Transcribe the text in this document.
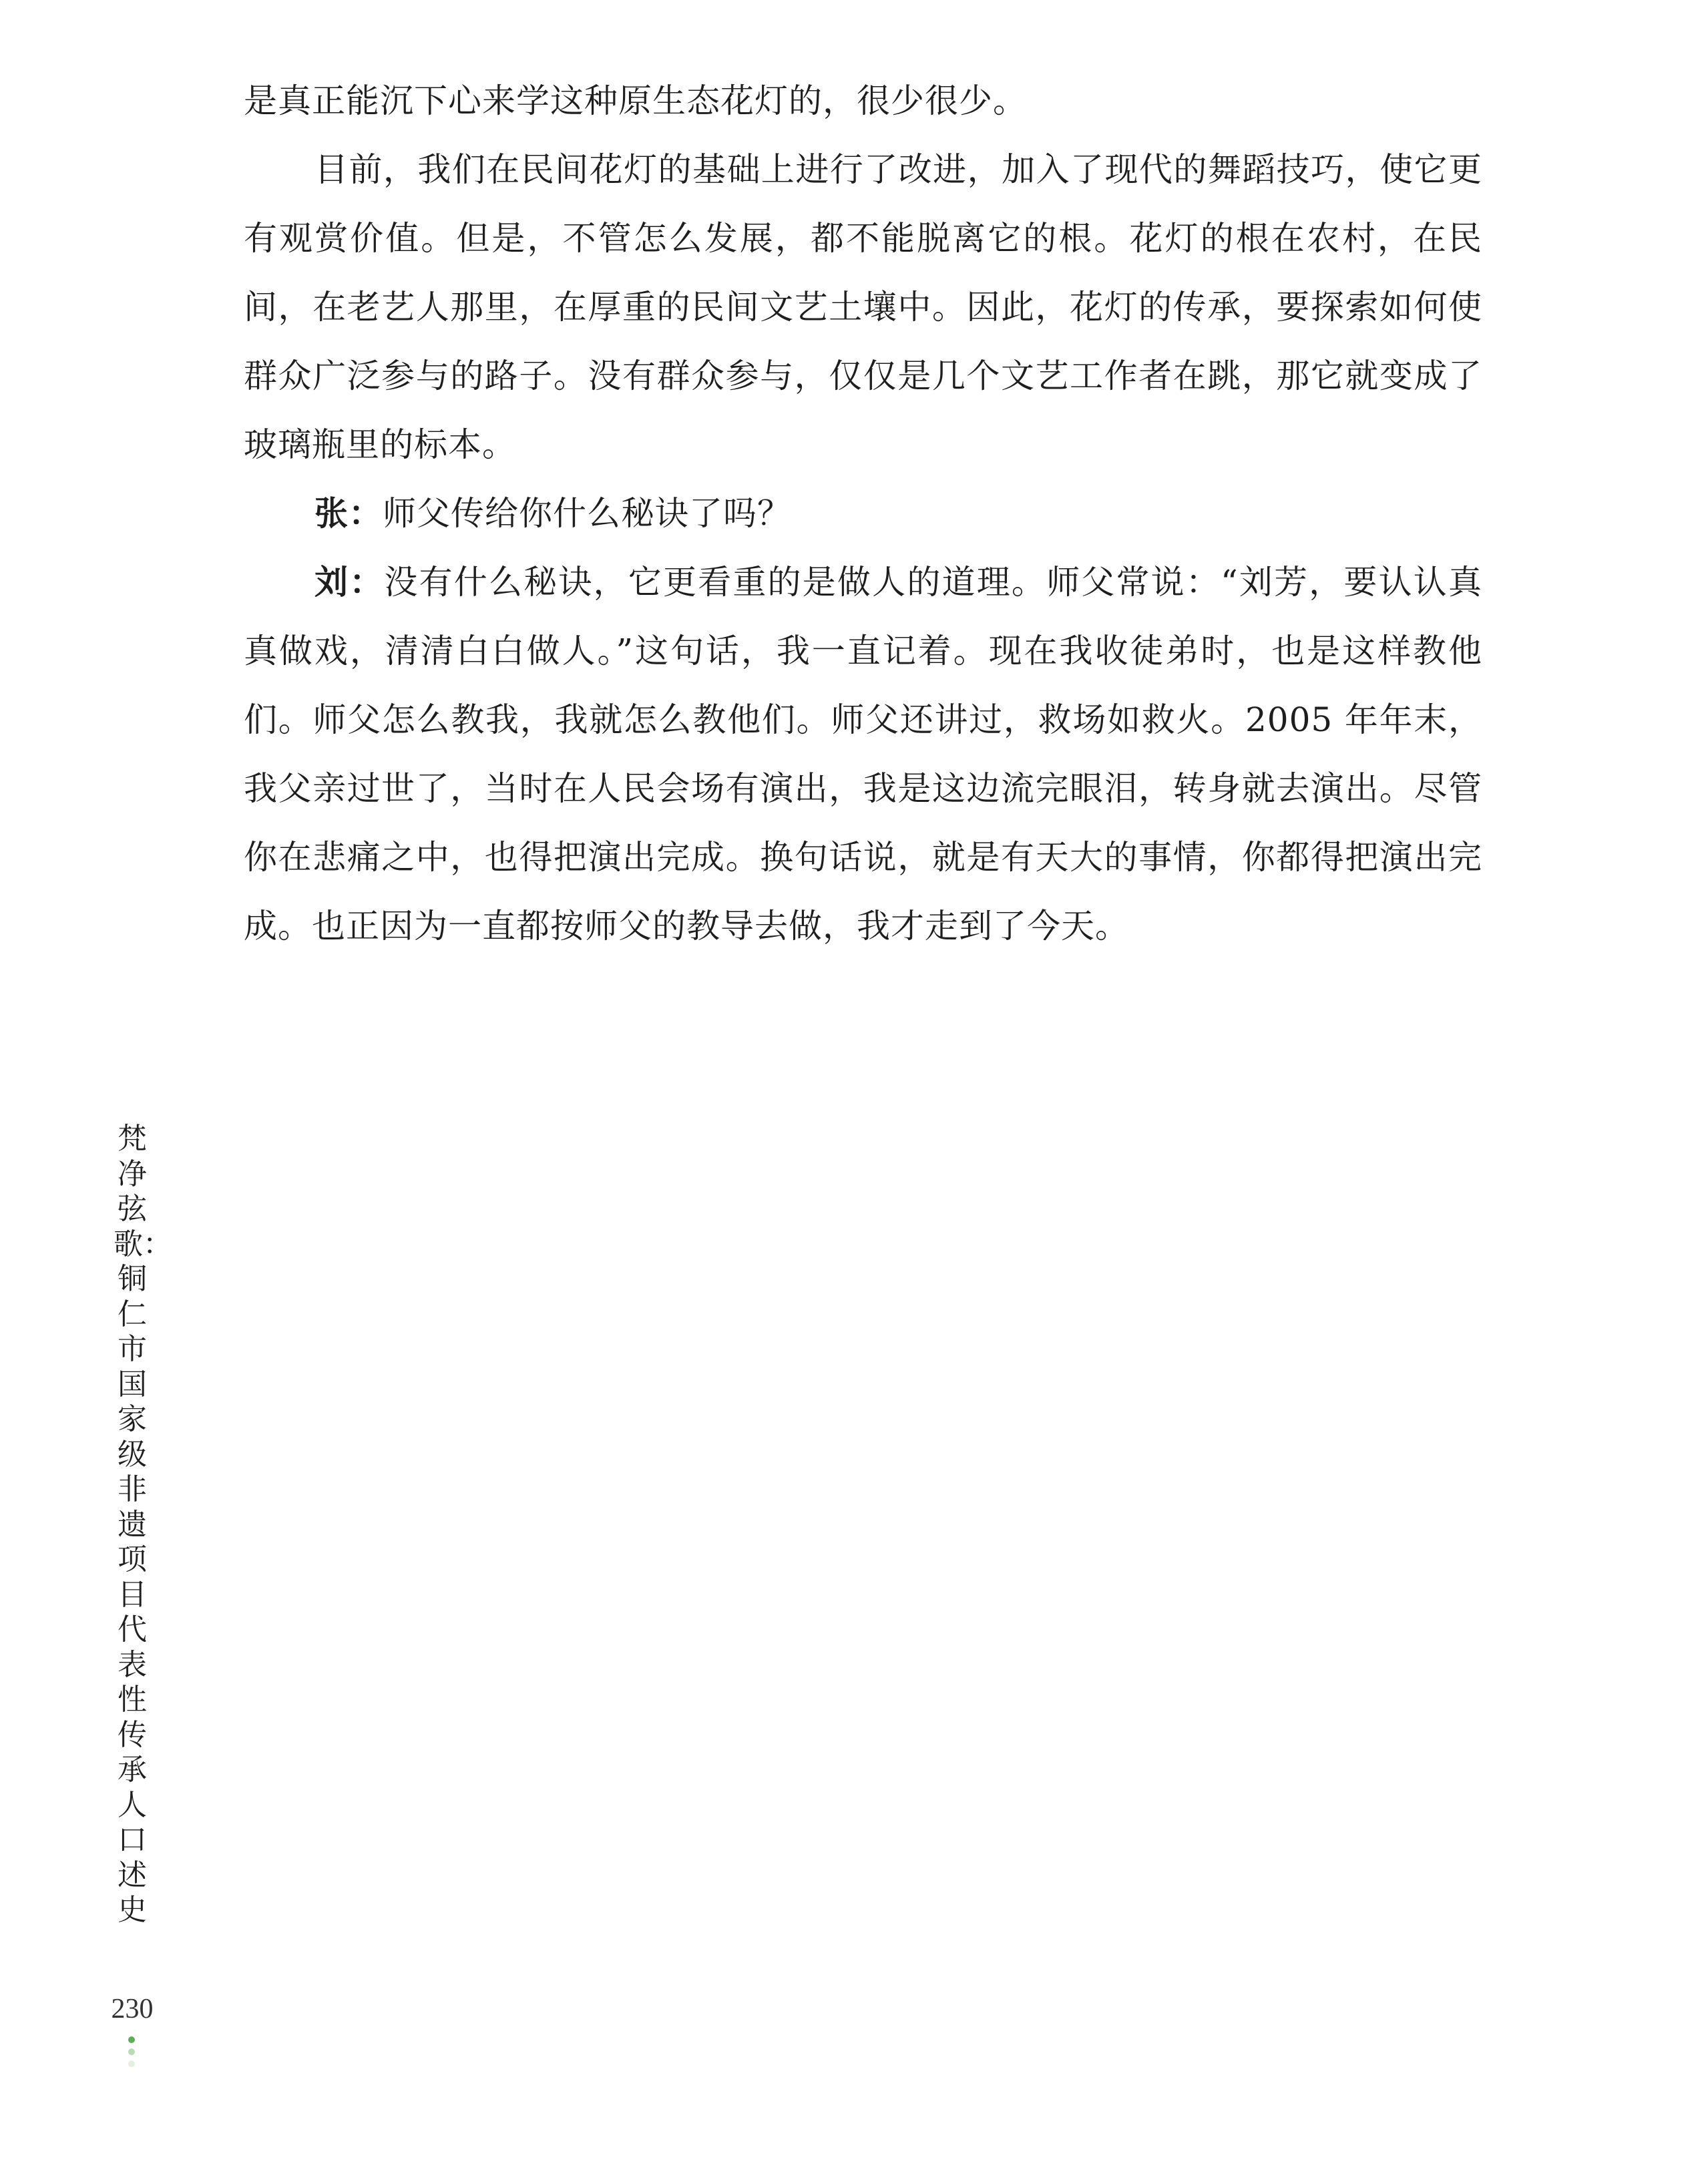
是真正能沉下心来学这种原生态花灯的，很少很少。

目前，我们在民间花灯的基础上进行了改进，加入了现代的舞蹈技巧，使它更有观赏价值。但是，不管怎么发展，都不能脱离它的根。花灯的根在农村，在民间，在老艺人那里，在厚重的民间文艺土壤中。因此，花灯的传承，要探索如何使群众广泛参与的路子。没有群众参与，仅仅是几个文艺工作者在跳，那它就变成了玻璃瓶里的标本。

张：师父传给你什么秘诀了吗？

刘：没有什么秘诀，它更看重的是做人的道理。师父常说：“刘芳，要认认真真做戏，清清白白做人。”这句话，我一直记着。现在我收徒弟时，也是这样教他们。师父怎么教我，我就怎么教他们。师父还讲过，救场如救火。2005 年年末，我父亲过世了，当时在人民会场有演出，我是这边流完眼泪，转身就去演出。尽管你在悲痛之中，也得把演出完成。换句话说，就是有天大的事情，你都得把演出完成。也正因为一直都按师父的教导去做，我才走到了今天。

梵净弦歌：铜仁市国家级非遗项目代表性传承人口述史
230
